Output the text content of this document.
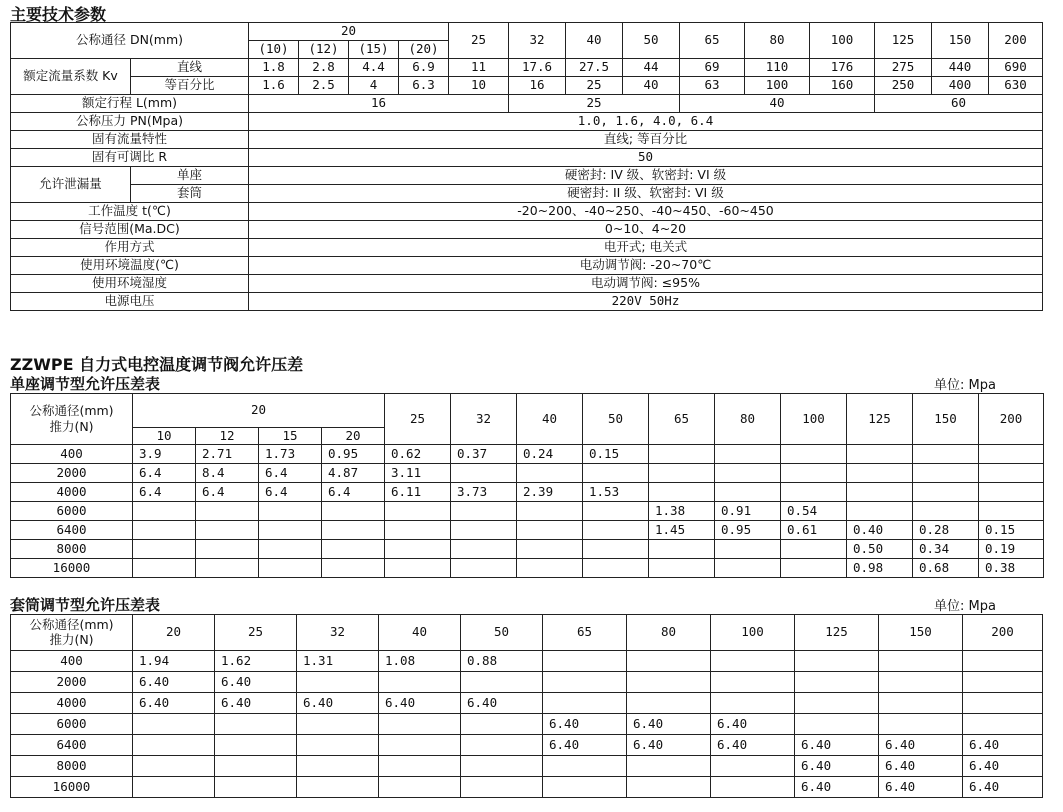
主要技术参数
公称通径 DN(mm)		20				25	32	40	50	65	80	100	125	150	200
		(10)	(12)	(15)	(20)										
额定流量系数 Kv	直线	1.8	2.8	4.4	6.9	11	17.6	27.5	44	69	110	176	275	440	690
	等百分比	1.6	2.5	4	6.3	10	16	25	40	63	100	160	250	400	630
额定行程 L(mm)		16					25			40			60		
公称压力 PN(Mpa)		1.0, 1.6, 4.0, 6.4													
固有流量特性		直线; 等百分比													
固有可调比 R		50													
允许泄漏量	单座	硬密封: IV 级、软密封: VI 级													
	套筒	硬密封: II 级、软密封: VI 级													
工作温度 t(℃)		-20~200、-40~250、-40~450、-60~450													
信号范围(Ma.DC)		0~10、4~20													
作用方式		电开式; 电关式													
使用环境温度(℃)		电动调节阀: -20~70℃													
使用环境湿度		电动调节阀: ≤95%													
电源电压		220V 50Hz													
ZZWPE 自力式电控温度调节阀允许压差
单座调节型允许压差表	单位: Mpa
公称通径(mm)
推力(N)	20				25	32	40	50	65	80	100	125	150	200
	10	12	15	20										
400	3.9	2.71	1.73	0.95	0.62	0.37	0.24	0.15						
2000	6.4	8.4	6.4	4.87	3.11									
4000	6.4	6.4	6.4	6.4	6.11	3.73	2.39	1.53						
6000									1.38	0.91	0.54			
6400									1.45	0.95	0.61	0.40	0.28	0.15
8000												0.50	0.34	0.19
16000												0.98	0.68	0.38
套筒调节型允许压差表	单位: Mpa
公称通径(mm)
推力(N)	20	25	32	40	50	65	80	100	125	150	200
400	1.94	1.62	1.31	1.08	0.88						
2000	6.40	6.40									
4000	6.40	6.40	6.40	6.40	6.40						
6000						6.40	6.40	6.40			
6400						6.40	6.40	6.40	6.40	6.40	6.40
8000									6.40	6.40	6.40
16000									6.40	6.40	6.40
